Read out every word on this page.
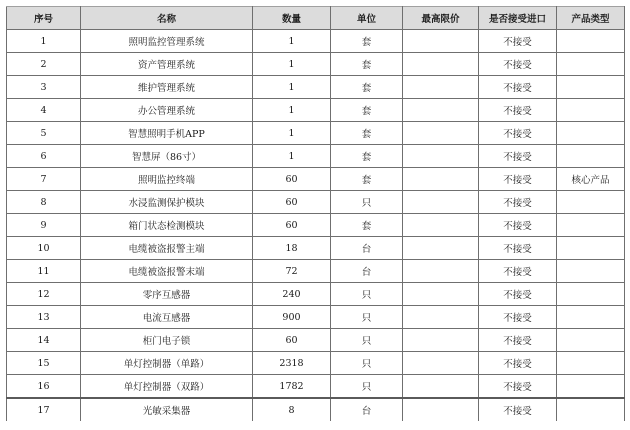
序号	名称	数量	单位	最高限价	是否接受进口	产品类型
1	照明监控管理系统	1	套		不接受	
2	资产管理系统	1	套		不接受	
3	维护管理系统	1	套		不接受	
4	办公管理系统	1	套		不接受	
5	智慧照明手机APP	1	套		不接受	
6	智慧屏（86寸）	1	套		不接受	
7	照明监控终端	60	套		不接受	核心产品
8	水浸监测保护模块	60	只		不接受	
9	箱门状态检测模块	60	套		不接受	
10	电缆被盗报警主端	18	台		不接受	
11	电缆被盗报警末端	72	台		不接受	
12	零序互感器	240	只		不接受	
13	电流互感器	900	只		不接受	
14	柜门电子锁	60	只		不接受	
15	单灯控制器（单路）	2318	只		不接受	
16	单灯控制器（双路）	1782	只		不接受	
17	光敏采集器	8	台		不接受	
